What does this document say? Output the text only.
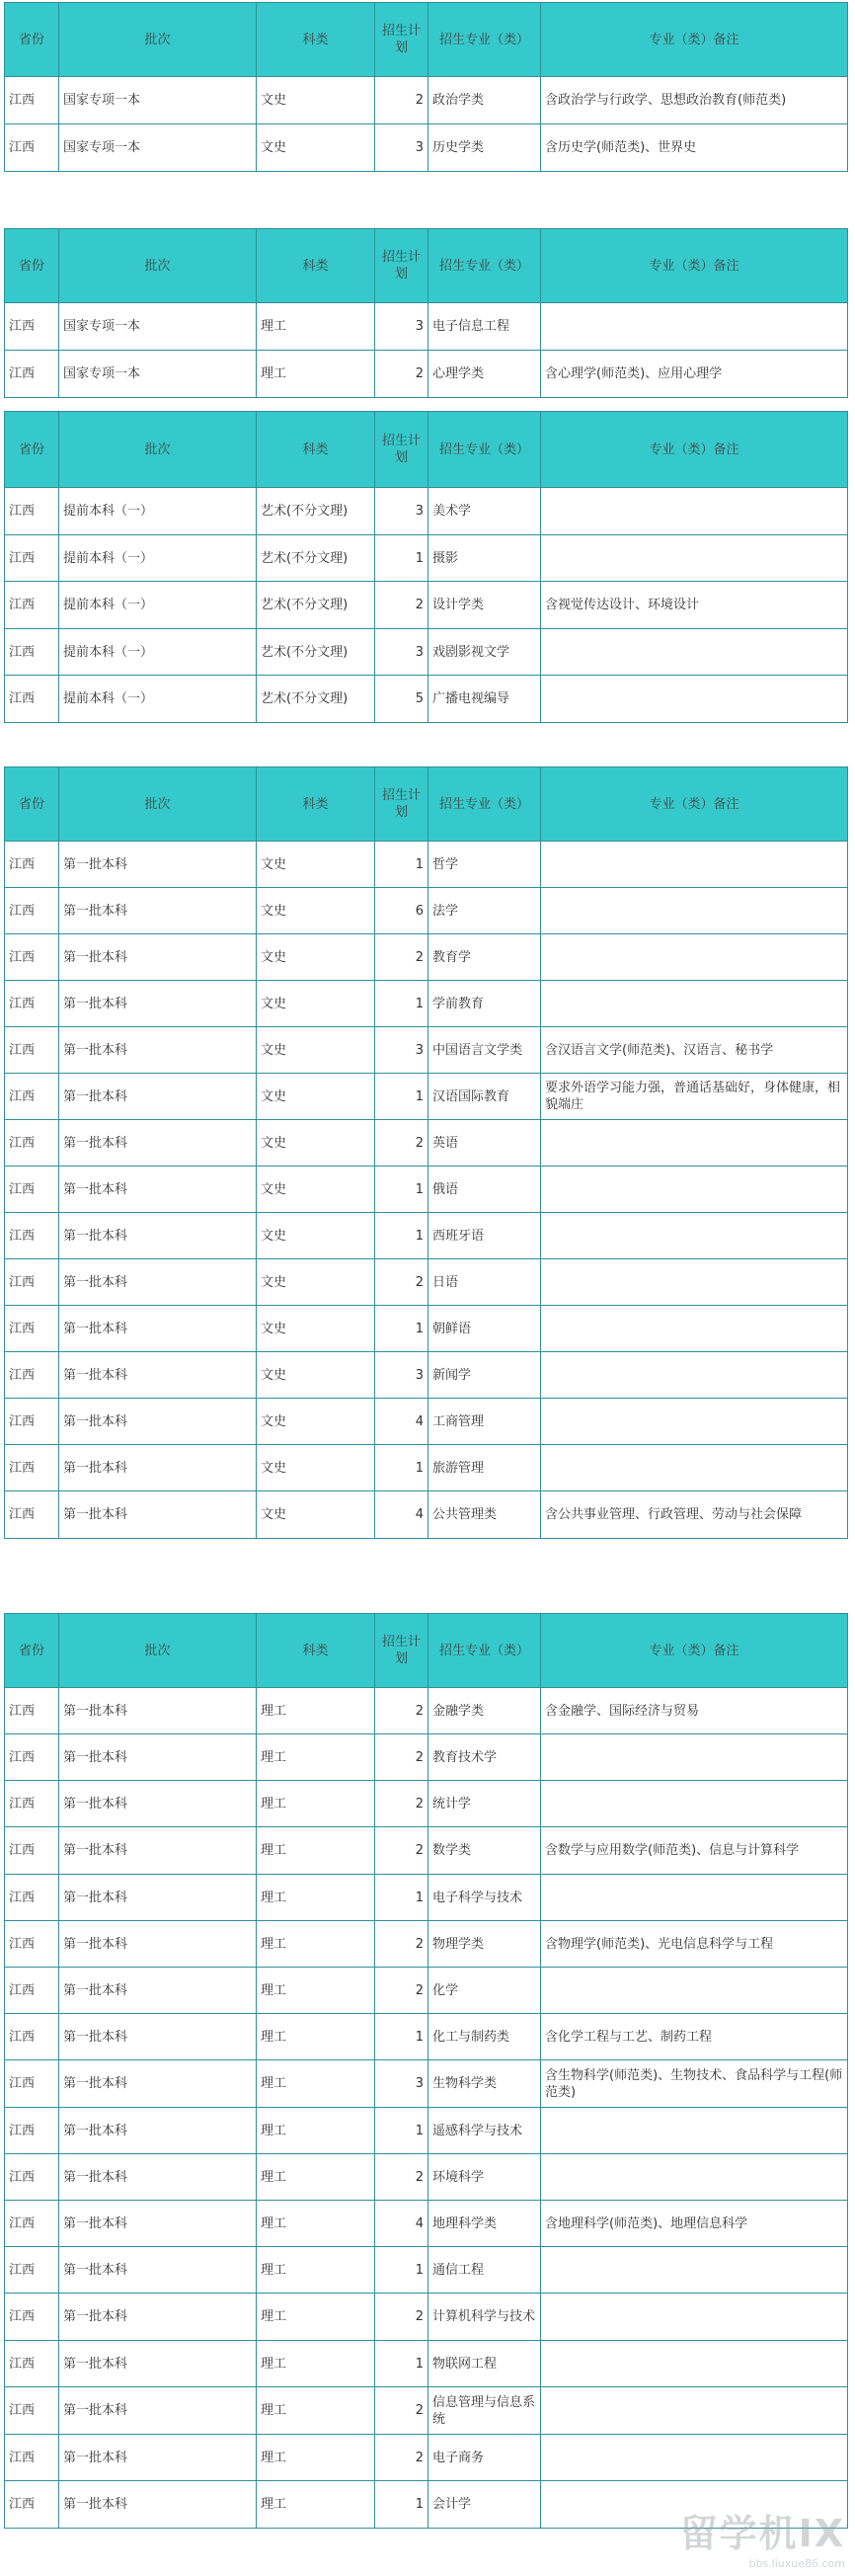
省份	批次	科类	招生计划	招生专业（类）	专业（类）备注
江西	国家专项一本	文史	2	政治学类	含政治学与行政学、思想政治教育(师范类)
江西	国家专项一本	文史	3	历史学类	含历史学(师范类)、世界史
省份	批次	科类	招生计划	招生专业（类）	专业（类）备注
江西	国家专项一本	理工	3	电子信息工程	
江西	国家专项一本	理工	2	心理学类	含心理学(师范类)、应用心理学
省份	批次	科类	招生计划	招生专业（类）	专业（类）备注
江西	提前本科（一）	艺术(不分文理)	3	美术学	
江西	提前本科（一）	艺术(不分文理)	1	摄影	
江西	提前本科（一）	艺术(不分文理)	2	设计学类	含视觉传达设计、环境设计
江西	提前本科（一）	艺术(不分文理)	3	戏剧影视文学	
江西	提前本科（一）	艺术(不分文理)	5	广播电视编导	
省份	批次	科类	招生计划	招生专业（类）	专业（类）备注
江西	第一批本科	文史	1	哲学	
江西	第一批本科	文史	6	法学	
江西	第一批本科	文史	2	教育学	
江西	第一批本科	文史	1	学前教育	
江西	第一批本科	文史	3	中国语言文学类	含汉语言文学(师范类)、汉语言、秘书学
江西	第一批本科	文史	1	汉语国际教育	要求外语学习能力强，普通话基础好，身体健康，相貌端庄
江西	第一批本科	文史	2	英语	
江西	第一批本科	文史	1	俄语	
江西	第一批本科	文史	1	西班牙语	
江西	第一批本科	文史	2	日语	
江西	第一批本科	文史	1	朝鲜语	
江西	第一批本科	文史	3	新闻学	
江西	第一批本科	文史	4	工商管理	
江西	第一批本科	文史	1	旅游管理	
江西	第一批本科	文史	4	公共管理类	含公共事业管理、行政管理、劳动与社会保障
省份	批次	科类	招生计划	招生专业（类）	专业（类）备注
江西	第一批本科	理工	2	金融学类	含金融学、国际经济与贸易
江西	第一批本科	理工	2	教育技术学	
江西	第一批本科	理工	2	统计学	
江西	第一批本科	理工	2	数学类	含数学与应用数学(师范类)、信息与计算科学
江西	第一批本科	理工	1	电子科学与技术	
江西	第一批本科	理工	2	物理学类	含物理学(师范类)、光电信息科学与工程
江西	第一批本科	理工	2	化学	
江西	第一批本科	理工	1	化工与制药类	含化学工程与工艺、制药工程
江西	第一批本科	理工	3	生物科学类	含生物科学(师范类)、生物技术、食品科学与工程(师范类)
江西	第一批本科	理工	1	遥感科学与技术	
江西	第一批本科	理工	2	环境科学	
江西	第一批本科	理工	4	地理科学类	含地理科学(师范类)、地理信息科学
江西	第一批本科	理工	1	通信工程	
江西	第一批本科	理工	2	计算机科学与技术	
江西	第一批本科	理工	1	物联网工程	
江西	第一批本科	理工	2	信息管理与信息系统	
江西	第一批本科	理工	2	电子商务	
江西	第一批本科	理工	1	会计学	
留学机IX
bbs.liuxue86.com
